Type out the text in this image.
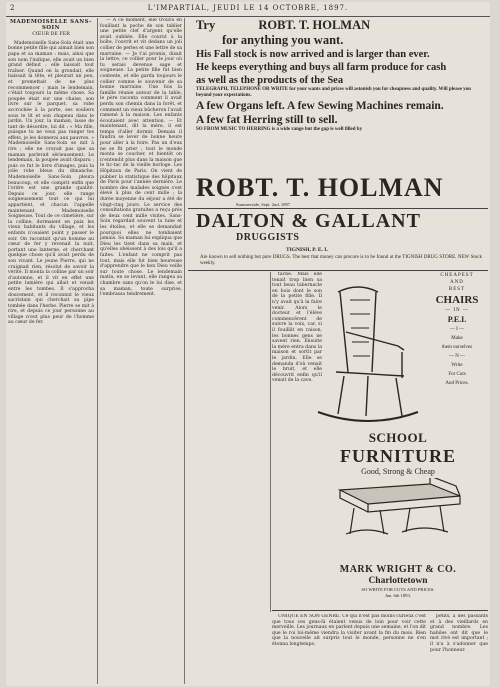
2	L'IMPARTIAL, JEUDI LE 14 OCTOBRE, 1897.
MADEMOISELLE SANS-SOIN
CŒUR DE FER

Mademoiselle Sans-Soin était une bonne petite fille qui aimait bien son papa et sa maman : mais, ainsi que son nom l'indique, elle avait un bien grand défaut ; elle laissait tout traîner. Quand on la grondait, elle baissait la tête, et pleurait un peu, et promettait de ne plus recommencer ; mais le lendemain, c'était toujours la même chose. Sa poupée était sur une chaise, son livre sur le parquet, sa robe accrochée à la porte, ses souliers sous le lit et son chapeau dans le jardin. Un jour, la maman, lasse de tant de désordre, lui dit : « Ma fille, puisque tu ne veux pas ranger tes effets, je les donnerai aux pauvres. » Mademoiselle Sans-Soin se mit à rire ; elle ne croyait pas que sa maman parlerait sérieusement. Le lendemain, la poupée avait disparu ; puis ce fut le livre d'images, puis la jolie robe bleue du dimanche. Mademoiselle Sans-Soin pleura beaucoup, et elle comprit enfin que l'ordre est une grande qualité. Depuis ce jour, elle range soigneusement tout ce qui lui appartient, et chacun l'appelle maintenant Mademoiselle Soigneuse. Tout de ce cimetière, sur la colline, dormaient en paix les vieux habitants du village, et les enfants n'osaient point y passer le soir. On racontait qu'un homme au cœur de fer y revenait la nuit, portant une lanterne, et cherchant quelque chose qu'il avait perdu de son vivant. Le jeune Pierre, qui ne craignait rien, résolut de savoir la vérité. Il monta la colline par un soir d'automne, et il vit en effet une petite lumière qui allait et venait entre les tombes. Il s'approcha doucement, et il reconnut le vieux sacristain qui cherchait sa pipe tombée dans l'herbe. Pierre se mit à rire, et depuis ce jour personne au village n'eut plus peur de l'homme au cœur de fer.

— A ce moment, elle trouva en fouillant la poche de son tablier une petite clef d'argent qu'elle avait oubliée. Elle courut à la boîte, l'ouvrit et vit dedans un joli collier de perles et une lettre de sa marraine. — Je t'ai promis, disait la lettre, ce collier pour le jour où tu serais devenue sage et soigneuse. La petite fille fut bien contente, et elle garda toujours le collier comme le souvenir de sa bonne marraine. Une fois la famille réunie autour de la table, le père raconta comment il avait perdu son chemin dans la forêt, et comment un vieux bûcheron l'avait ramené à la maison. Les enfants écoutaient avec attention. — Et maintenant, dit la mère, il est temps d'aller dormir. Demain il faudra se lever de bonne heure pour aller à la foire. Pas un d'eux ne se fit prier ; tout le monde monta se coucher, et bientôt on n'entendit plus dans la maison que le tic-tac de la vieille horloge. Les Hôpitaux de Paris. On vient de publier la statistique des hôpitaux de Paris pour l'année dernière. Le nombre des malades soignés s'est élevé à plus de cent mille ; la durée moyenne du séjour a été de vingt-cinq jours. Le service des consultations gratuites a reçu près de deux cent mille visites. Sans-Soin regardait souvent la lune et les étoiles, et elle se demandait pourquoi elles ne tombaient jamais. Sa maman lui expliqua que Dieu les tient dans sa main, et qu'elles obéissent à des lois qu'il a faites. L'enfant ne comprit pas tout, mais elle fut bien heureuse d'apprendre que le bon Dieu veille sur toute chose. Le lendemain matin, en se levant, elle rangea sa chambre sans qu'on le lui dise, et sa maman, toute surprise, l'embrassa tendrement.

Try	ROBT. T. HOLMAN
for anything you want.
His Fall stock is now arrived and is larger than ever.
He keeps everything and buys all farm produce for cash
as well as the products of the Sea
TELEGRAPH, TELEPHONE OR WRITE for your wants and prices will astonish you for cheapness and quality. Will please you beyond your expectations.
A few Organs left. A few Sewing Machines remain.
A few fat Herring still to sell.
SO FROM MUSIC TO HERRING is a wide range but the gap is well filled by
ROBT. T. HOLMAN
Summerside, Sept. 2nd, 1897
DALTON & GALLANT
DRUGGISTS
TIGNISH, P. E. I.
Are known to sell nothing but pure DRUGS. The best that money can procure is to be found at the TIGNISH DRUG STORE. NEW Stock weekly.
CHEAPEST
AND
BEST
CHAIRS
— IN —
P.E.I.
— I —
Make
them ourselves
— N —
Write
For Cuts
And Prices.
SCHOOL
FURNITURE
Good, Strong & Cheap
MARK WRIGHT & CO.
Charlottetown
SO WRITE FOR CUTS AND PRICES.
Jan. 6th 1893.

tâche. Mais elle tenait trop bien sa tout beau tabernacle en bois dont le son de la petite fille. Il n'y avait qu'à la faire venir. Alors le docteur et l'élève commencèrent de suivre la voix, car, si il fouillât en raison, les bonnes gens ne savent rien. Ensuite la mère entra dans la maison et sortit par le jardin. Elle se demanda d'où venait le bruit, et elle découvrit enfin qu'il venait de la cave.

UNIQUE EN SON GENRE. Ce qui n'est pas moins curieux c'est que tous ces gens-là étaient venus de loin pour voir cette merveille. Les journaux en parlent depuis une semaine, et l'on dit que le roi lui-même viendra la visiter avant la fin du mois. Bien que la nouvelle ait surpris tout le monde, personne ne s'en étonna longtemps.

petits, à des passants et à des vieillards en grand nombre. Les habiles ont dit que le mot rivé est important ; il n'a à s'adonner que pour l'honneur.
